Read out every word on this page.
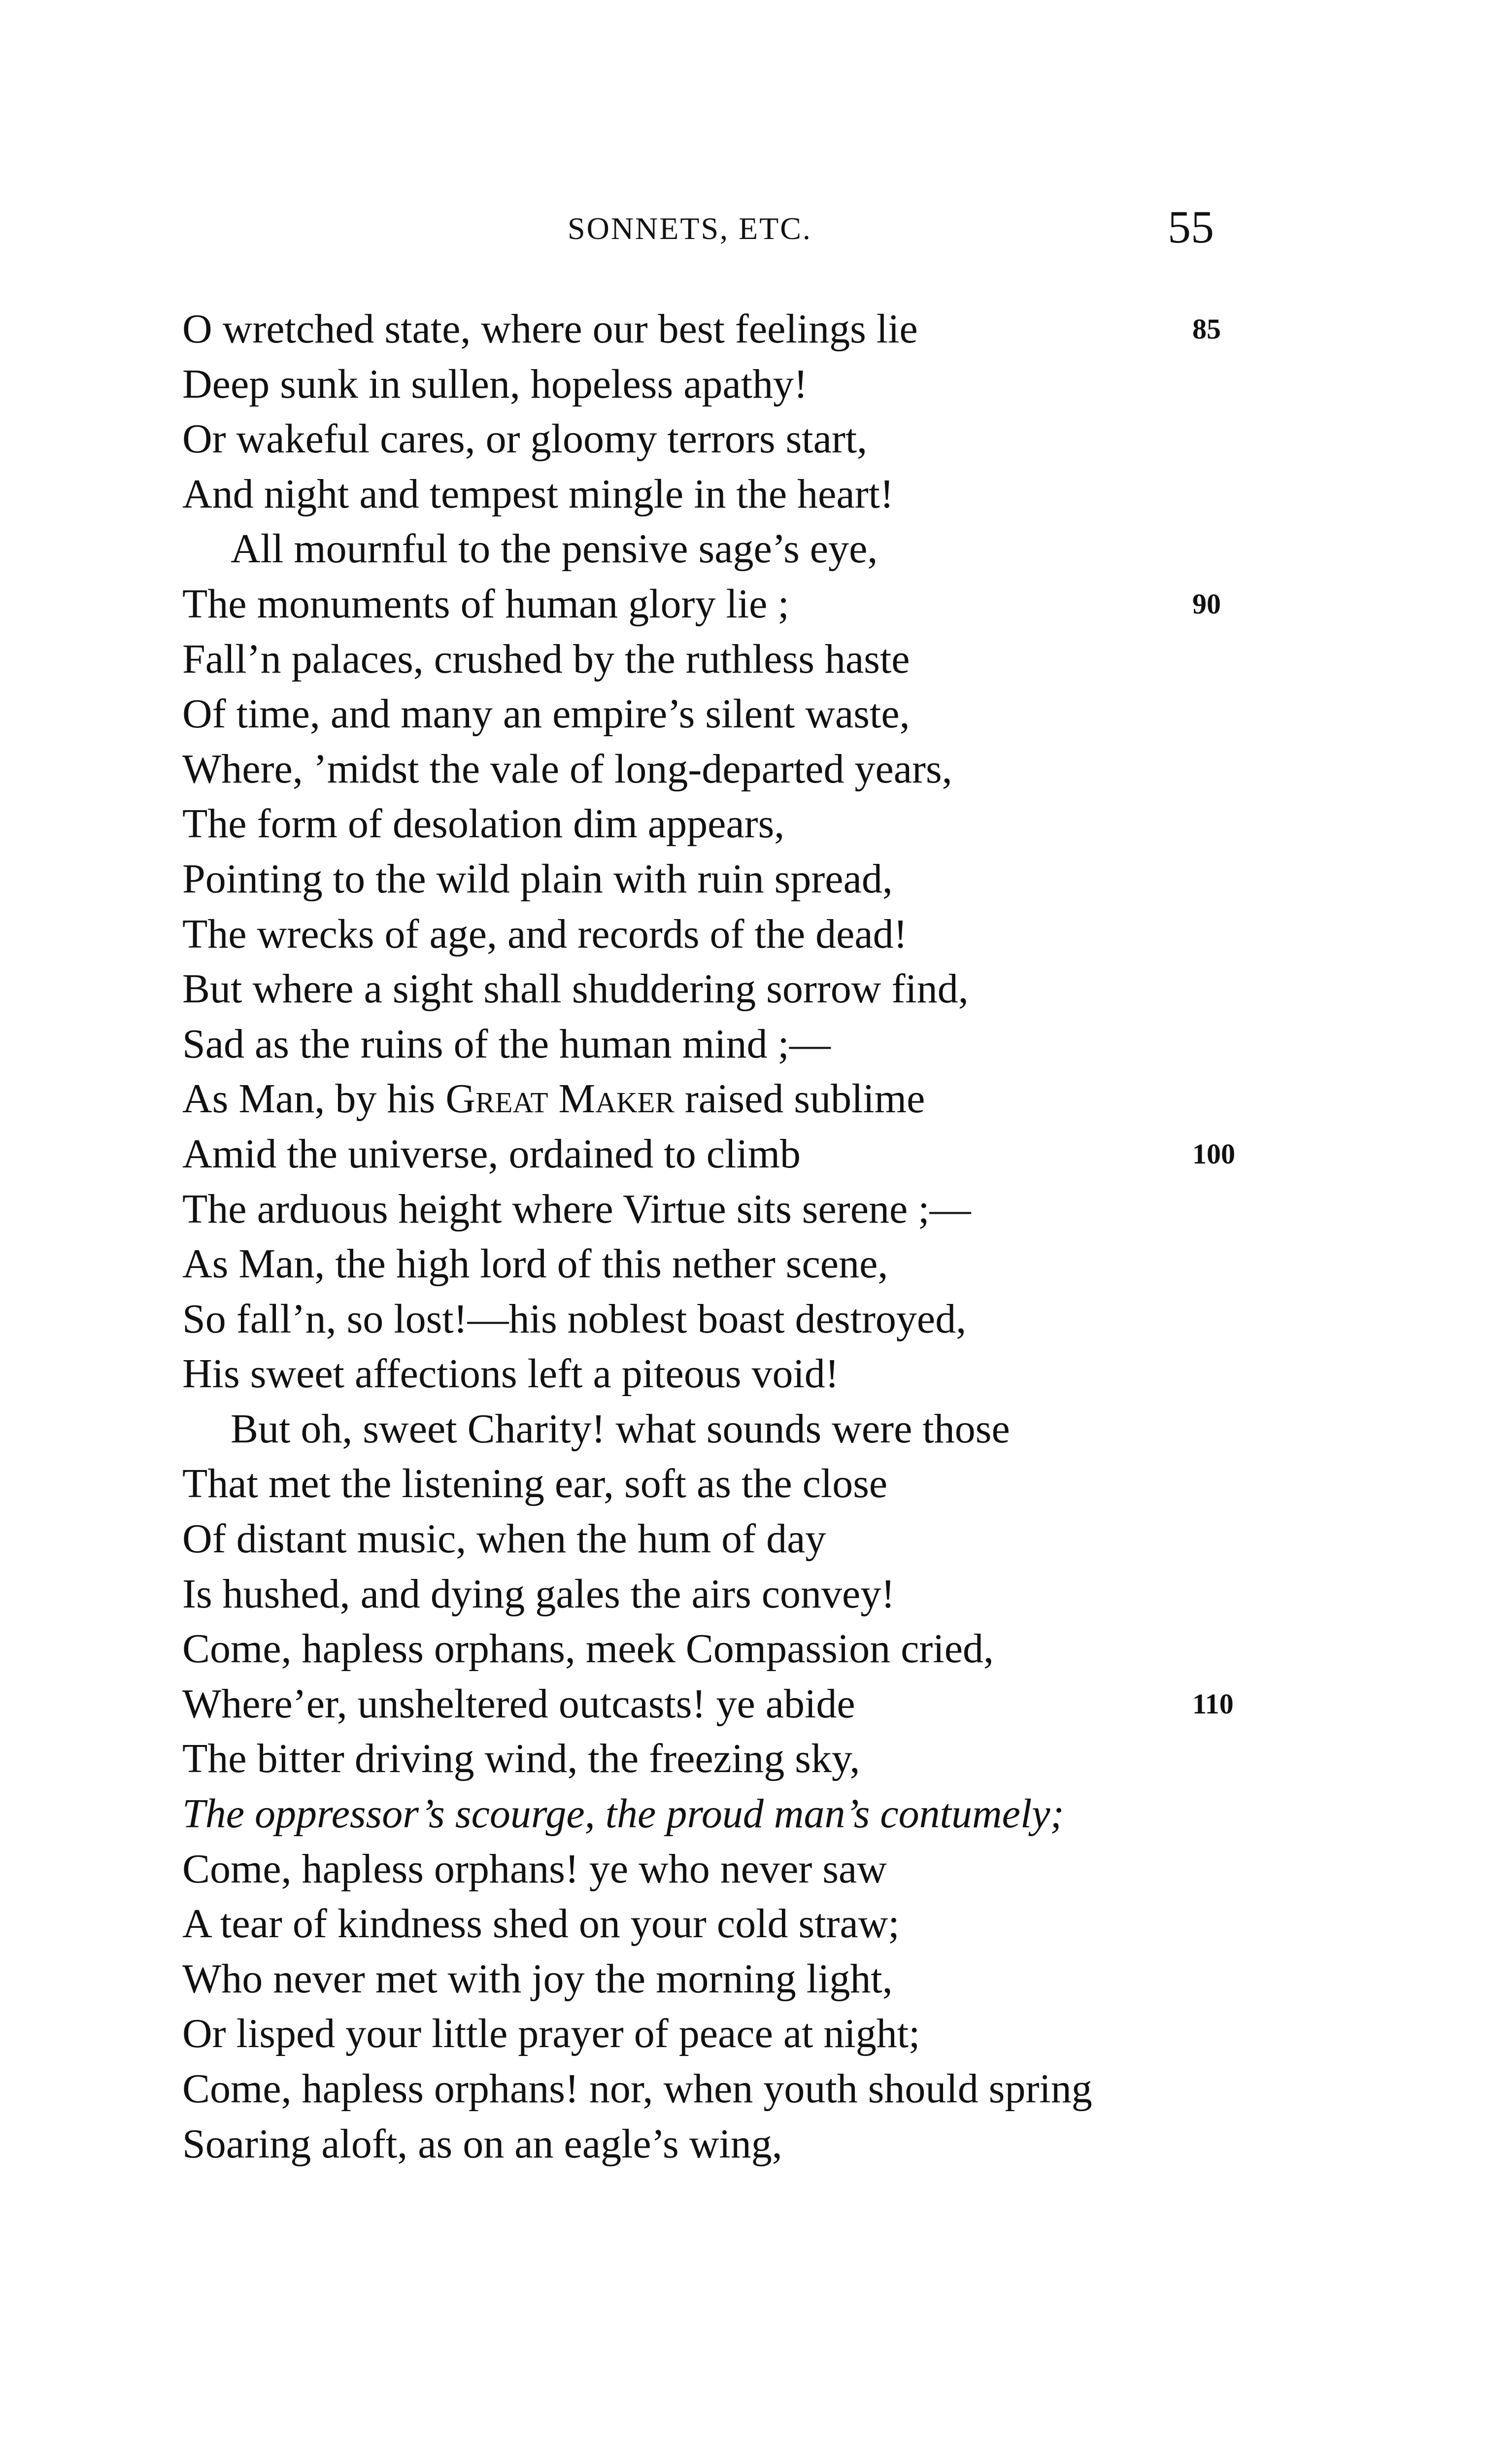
SONNETS, ETC.	55
O wretched state, where our best feelings lie	85
Deep sunk in sullen, hopeless apathy!
Or wakeful cares, or gloomy terrors start,
And night and tempest mingle in the heart!
All mournful to the pensive sage’s eye,
The monuments of human glory lie ;	90
Fall’n palaces, crushed by the ruthless haste
Of time, and many an empire’s silent waste,
Where, ’midst the vale of long-departed years,
The form of desolation dim appears,
Pointing to the wild plain with ruin spread,
The wrecks of age, and records of the dead!
But where a sight shall shuddering sorrow find,
Sad as the ruins of the human mind ;—
As Man, by his Great Maker raised sublime
Amid the universe, ordained to climb	100
The arduous height where Virtue sits serene ;—
As Man, the high lord of this nether scene,
So fall’n, so lost!—his noblest boast destroyed,
His sweet affections left a piteous void!
But oh, sweet Charity! what sounds were those
That met the listening ear, soft as the close
Of distant music, when the hum of day
Is hushed, and dying gales the airs convey!
Come, hapless orphans, meek Compassion cried,
Where’er, unsheltered outcasts! ye abide	110
The bitter driving wind, the freezing sky,
The oppressor’s scourge, the proud man’s contumely;
Come, hapless orphans! ye who never saw
A tear of kindness shed on your cold straw;
Who never met with joy the morning light,
Or lisped your little prayer of peace at night;
Come, hapless orphans! nor, when youth should spring
Soaring aloft, as on an eagle’s wing,
